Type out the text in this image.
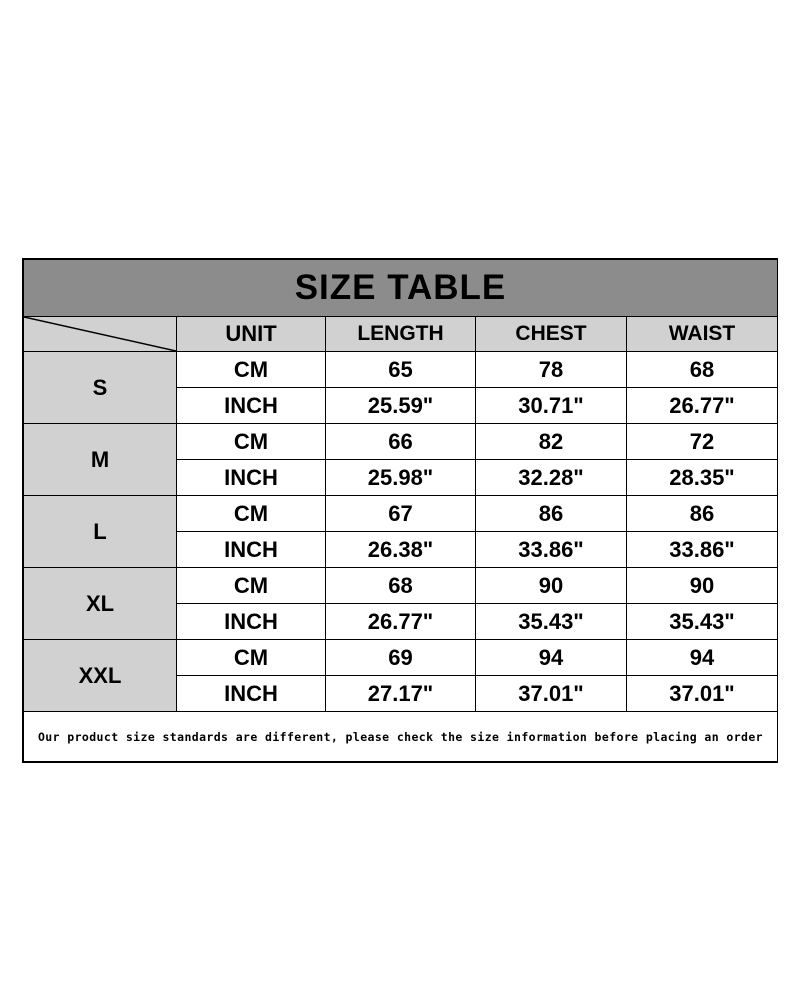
SIZE TABLE				

	UNIT	LENGTH	CHEST	WAIST
S	CM	65	78	68
	INCH	25.59"	30.71"	26.77"
M	CM	66	82	72
	INCH	25.98"	32.28"	28.35"
L	CM	67	86	86
	INCH	26.38"	33.86"	33.86"
XL	CM	68	90	90
	INCH	26.77"	35.43"	35.43"
XXL	CM	69	94	94
	INCH	27.17"	37.01"	37.01"
Our product size standards are different, please check the size information before placing an order				
